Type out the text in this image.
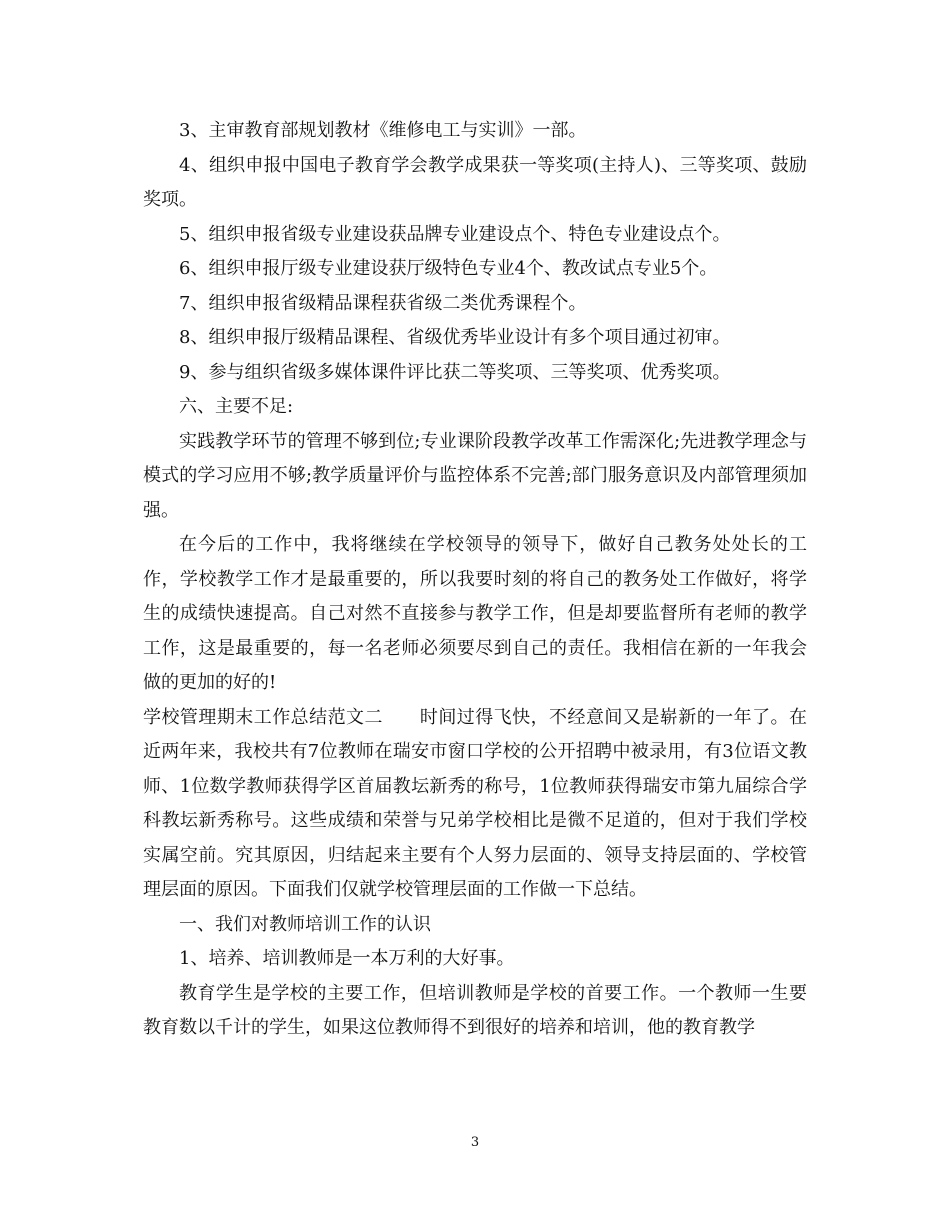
3、主审教育部规划教材《维修电工与实训》一部。

4、组织申报中国电子教育学会教学成果获一等奖项(主持人)、三等奖项、鼓励奖项。

5、组织申报省级专业建设获品牌专业建设点个、特色专业建设点个。

6、组织申报厅级专业建设获厅级特色专业4个、教改试点专业5个。

7、组织申报省级精品课程获省级二类优秀课程个。

8、组织申报厅级精品课程、省级优秀毕业设计有多个项目通过初审。

9、参与组织省级多媒体课件评比获二等奖项、三等奖项、优秀奖项。

六、主要不足:

实践教学环节的管理不够到位;专业课阶段教学改革工作需深化;先进教学理念与模式的学习应用不够;教学质量评价与监控体系不完善;部门服务意识及内部管理须加强。

在今后的工作中，我将继续在学校领导的领导下，做好自己教务处处长的工作，学校教学工作才是最重要的，所以我要时刻的将自己的教务处工作做好，将学生的成绩快速提高。自己对然不直接参与教学工作，但是却要监督所有老师的教学工作，这是最重要的，每一名老师必须要尽到自己的责任。我相信在新的一年我会做的更加的好的!

学校管理期末工作总结范文二　　时间过得飞快，不经意间又是崭新的一年了。在近两年来，我校共有7位教师在瑞安市窗口学校的公开招聘中被录用，有3位语文教师、1位数学教师获得学区首届教坛新秀的称号，1位教师获得瑞安市第九届综合学科教坛新秀称号。这些成绩和荣誉与兄弟学校相比是微不足道的，但对于我们学校实属空前。究其原因，归结起来主要有个人努力层面的、领导支持层面的、学校管理层面的原因。下面我们仅就学校管理层面的工作做一下总结。

一、我们对教师培训工作的认识

1、培养、培训教师是一本万利的大好事。

教育学生是学校的主要工作，但培训教师是学校的首要工作。一个教师一生要教育数以千计的学生，如果这位教师得不到很好的培养和培训，他的教育教学

3
